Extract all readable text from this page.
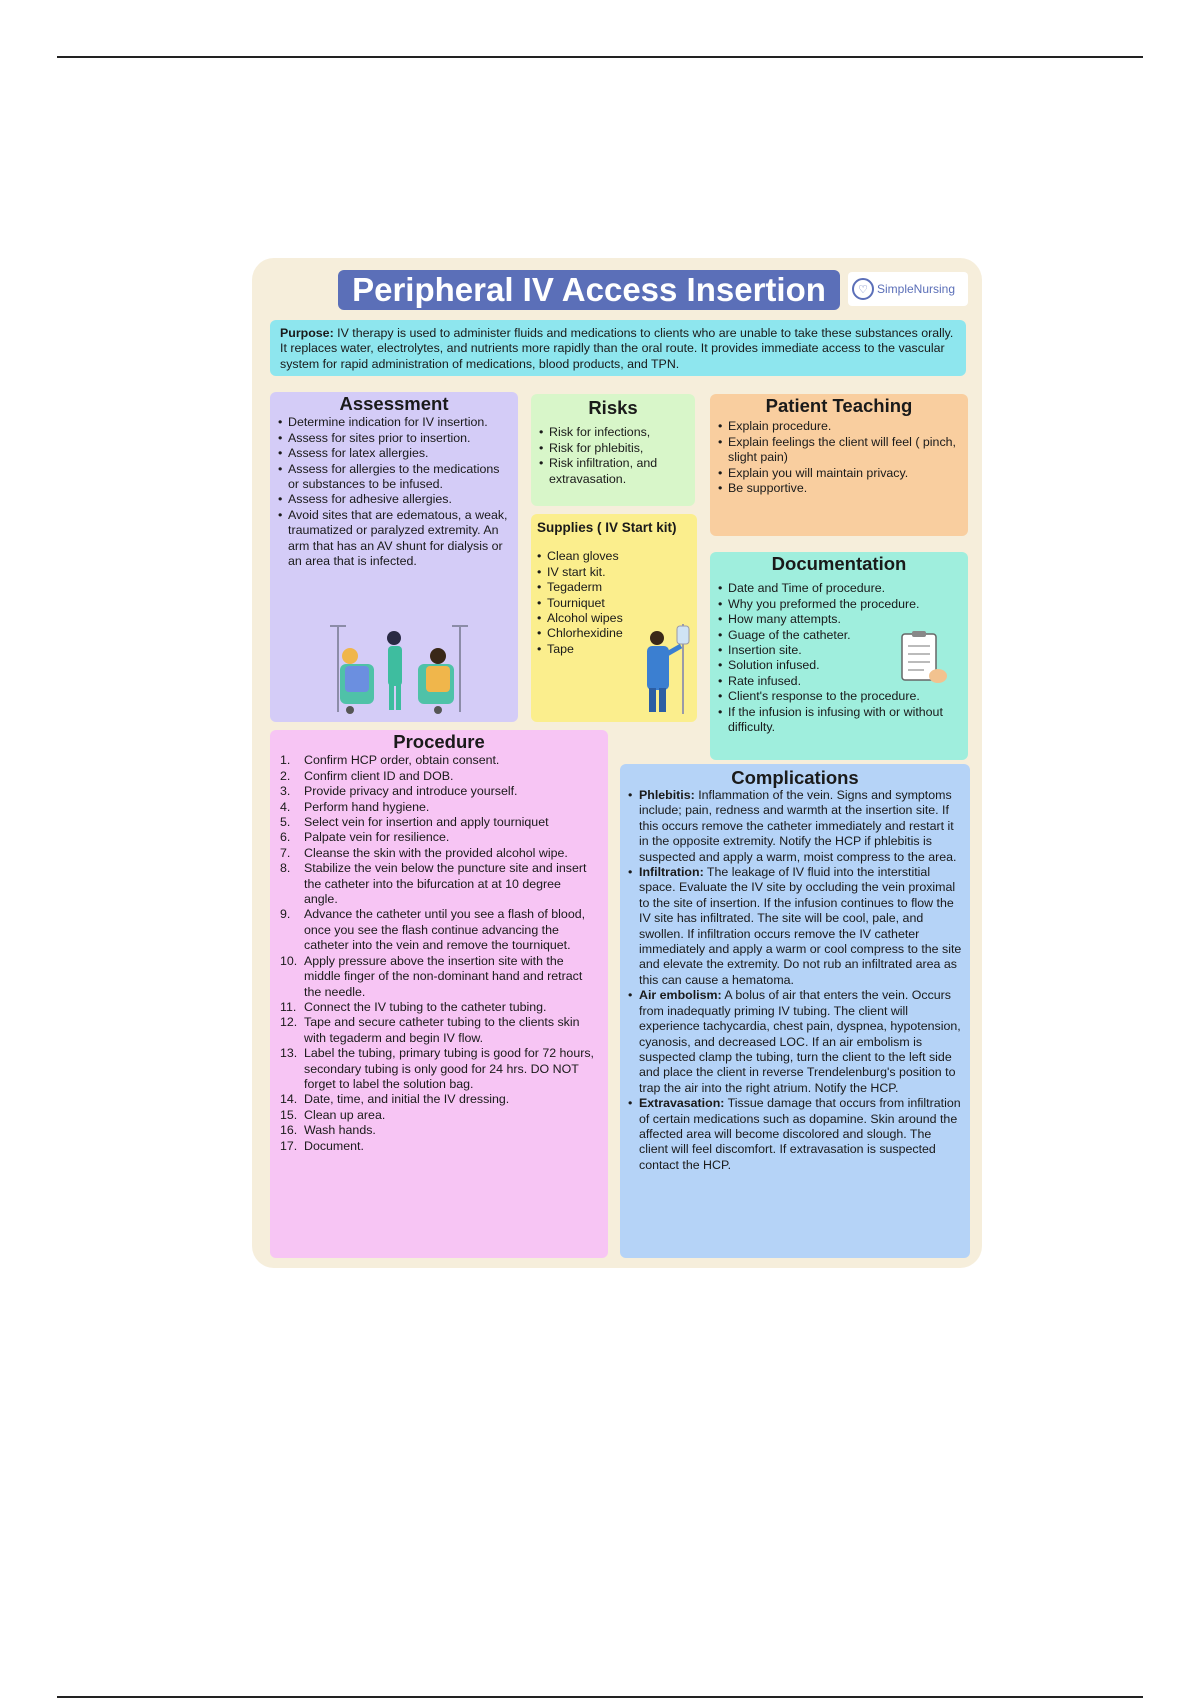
Peripheral IV Access Insertion	♡ SimpleNursing
Purpose: IV therapy is used to administer fluids and medications to clients who are unable to take these substances orally. It replaces water, electrolytes, and nutrients more rapidly than the oral route. It provides immediate access to the vascular system for rapid administration of medications, blood products, and TPN.
Assessment
• Determine indication for IV insertion.
• Assess for sites prior to insertion.
• Assess for latex allergies.
• Assess for allergies to the medications or substances to be infused.
• Assess for adhesive allergies.
• Avoid sites that are edematous, a weak, traumatized or paralyzed extremity. An arm that has an AV shunt for dialysis or an area that is infected.
Risks
• Risk for infections,
• Risk for phlebitis,
• Risk infiltration, and extravasation.
Patient Teaching
• Explain procedure.
• Explain feelings the client will feel ( pinch, slight pain)
• Explain you will maintain privacy.
• Be supportive.
Supplies ( IV Start kit)
• Clean gloves
• IV start kit.
• Tegaderm
• Tourniquet
• Alcohol wipes
• Chlorhexidine
• Tape
Documentation
• Date and Time of procedure.
• Why you preformed the procedure.
• How many attempts.
• Guage of the catheter.
• Insertion site.
• Solution infused.
• Rate infused.
• Client's response to the procedure.
• If the infusion is infusing with or without difficulty.
Procedure
1. Confirm HCP order, obtain consent.
2. Confirm client ID and DOB.
3. Provide privacy and introduce yourself.
4. Perform hand hygiene.
5. Select vein for insertion and apply tourniquet
6. Palpate vein for resilience.
7. Cleanse the skin with the provided alcohol wipe.
8. Stabilize the vein below the puncture site and insert the catheter into the bifurcation at at 10 degree angle.
9. Advance the catheter until you see a flash of blood, once you see the flash continue advancing the catheter into the vein and remove the tourniquet.
10. Apply pressure above the insertion site with the middle finger of the non-dominant hand and retract the needle.
11. Connect the IV tubing to the catheter tubing.
12. Tape and secure catheter tubing to the clients skin with tegaderm and begin IV flow.
13. Label the tubing, primary tubing is good for 72 hours, secondary tubing is only good for 24 hrs. DO NOT forget to label the solution bag.
14. Date, time, and initial the IV dressing.
15. Clean up area.
16. Wash hands.
17. Document.
Complications
• Phlebitis: Inflammation of the vein. Signs and symptoms include; pain, redness and warmth at the insertion site. If this occurs remove the catheter immediately and restart it in the opposite extremity. Notify the HCP if phlebitis is suspected and apply a warm, moist compress to the area.
• Infiltration: The leakage of IV fluid into the interstitial space. Evaluate the IV site by occluding the vein proximal to the site of insertion. If the infusion continues to flow the IV site has infiltrated. The site will be cool, pale, and swollen. If infiltration occurs remove the IV catheter immediately and apply a warm or cool compress to the site and elevate the extremity. Do not rub an infiltrated area as this can cause a hematoma.
• Air embolism: A bolus of air that enters the vein. Occurs from inadequatly priming IV tubing. The client will experience tachycardia, chest pain, dyspnea, hypotension, cyanosis, and decreased LOC. If an air embolism is suspected clamp the tubing, turn the client to the left side and place the client in reverse Trendelenburg's position to trap the air into the right atrium. Notify the HCP.
• Extravasation: Tissue damage that occurs from infiltration of certain medications such as dopamine. Skin around the affected area will become discolored and slough. The client will feel discomfort. If extravasation is suspected contact the HCP.
